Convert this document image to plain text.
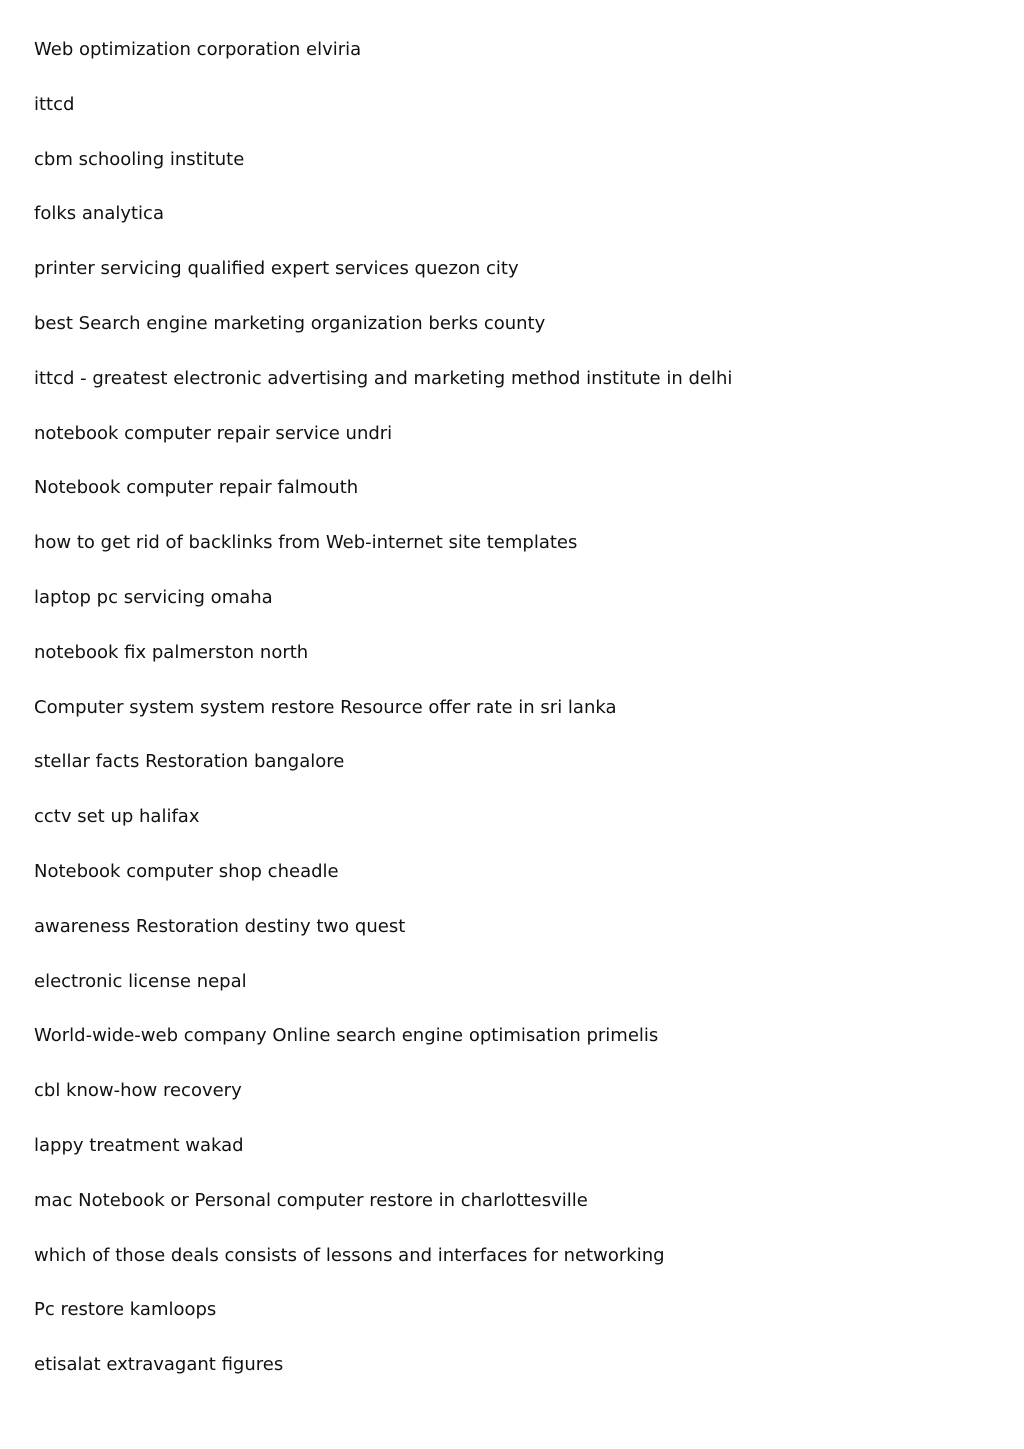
Web optimization corporation elviria
ittcd
cbm schooling institute
folks analytica
printer servicing qualified expert services quezon city
best Search engine marketing organization berks county
ittcd - greatest electronic advertising and marketing method institute in delhi
notebook computer repair service undri
Notebook computer repair falmouth
how to get rid of backlinks from Web-internet site templates
laptop pc servicing omaha
notebook fix palmerston north
Computer system system restore Resource offer rate in sri lanka
stellar facts Restoration bangalore
cctv set up halifax
Notebook computer shop cheadle
awareness Restoration destiny two quest
electronic license nepal
World-wide-web company Online search engine optimisation primelis
cbl know-how recovery
lappy treatment wakad
mac Notebook or Personal computer restore in charlottesville
which of those deals consists of lessons and interfaces for networking
Pc restore kamloops
etisalat extravagant figures
